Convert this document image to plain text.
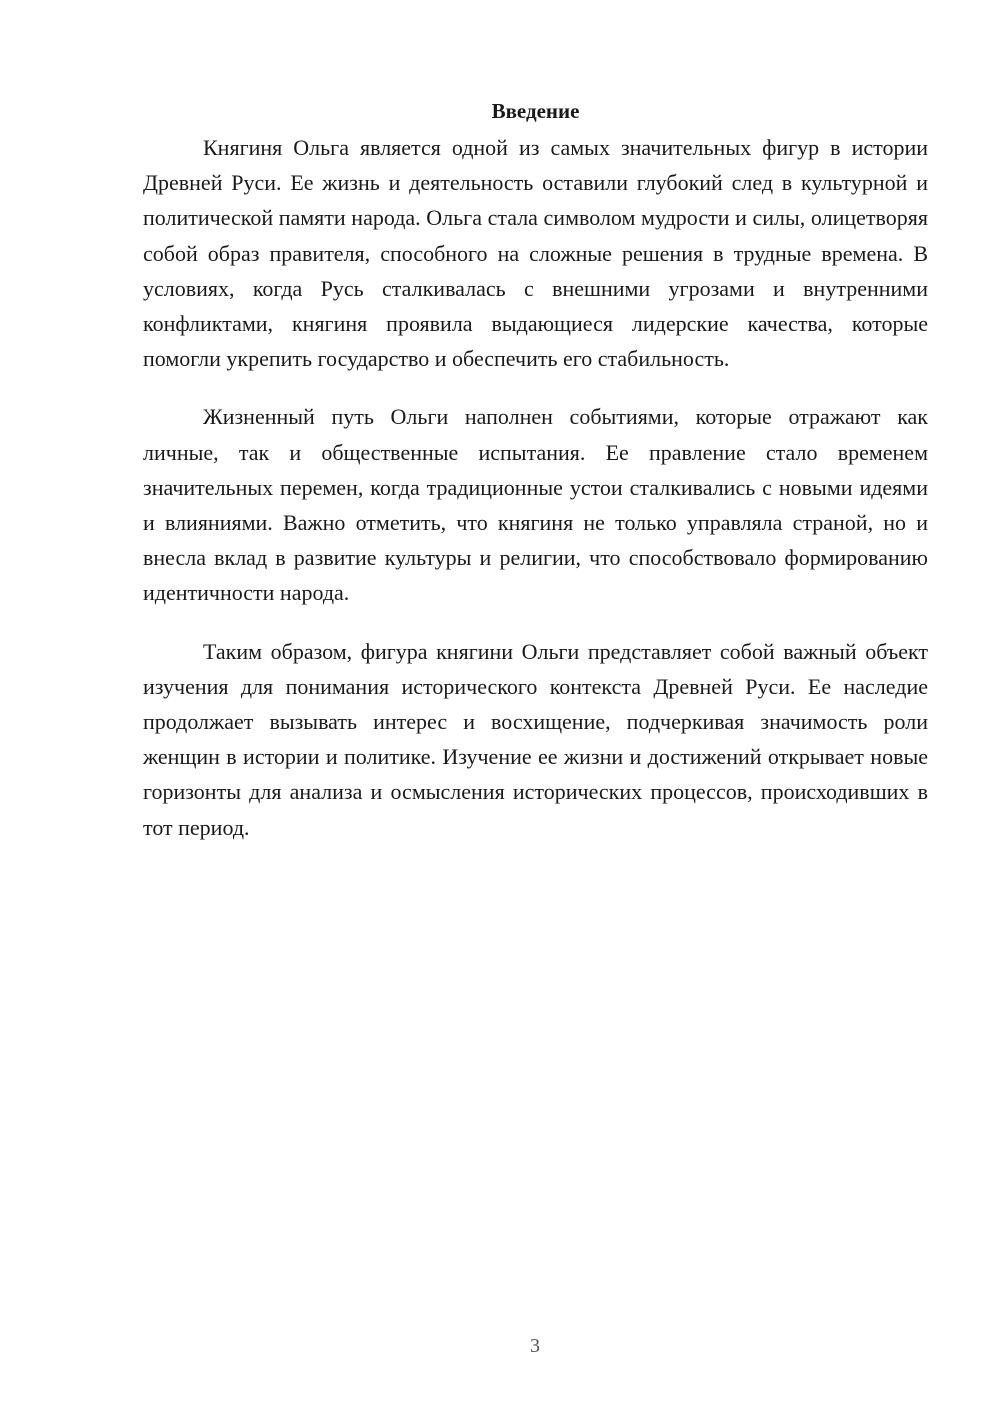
Введение

Княгиня Ольга является одной из самых значительных фигур в истории Древней Руси. Ее жизнь и деятельность оставили глубокий след в культурной и политической памяти народа. Ольга стала символом мудрости и силы, олицетворяя собой образ правителя, способного на сложные решения в трудные времена. В условиях, когда Русь сталкивалась с внешними угрозами и внутренними конфликтами, княгиня проявила выдающиеся лидерские качества, которые помогли укрепить государство и обеспечить его стабильность.

Жизненный путь Ольги наполнен событиями, которые отражают как личные, так и общественные испытания. Ее правление стало временем значительных перемен, когда традиционные устои сталкивались с новыми идеями и влияниями. Важно отметить, что княгиня не только управляла страной, но и внесла вклад в развитие культуры и религии, что способствовало формированию идентичности народа.

Таким образом, фигура княгини Ольги представляет собой важный объект изучения для понимания исторического контекста Древней Руси. Ее наследие продолжает вызывать интерес и восхищение, подчеркивая значимость роли женщин в истории и политике. Изучение ее жизни и достижений открывает новые горизонты для анализа и осмысления исторических процессов, происходивших в тот период.

3
